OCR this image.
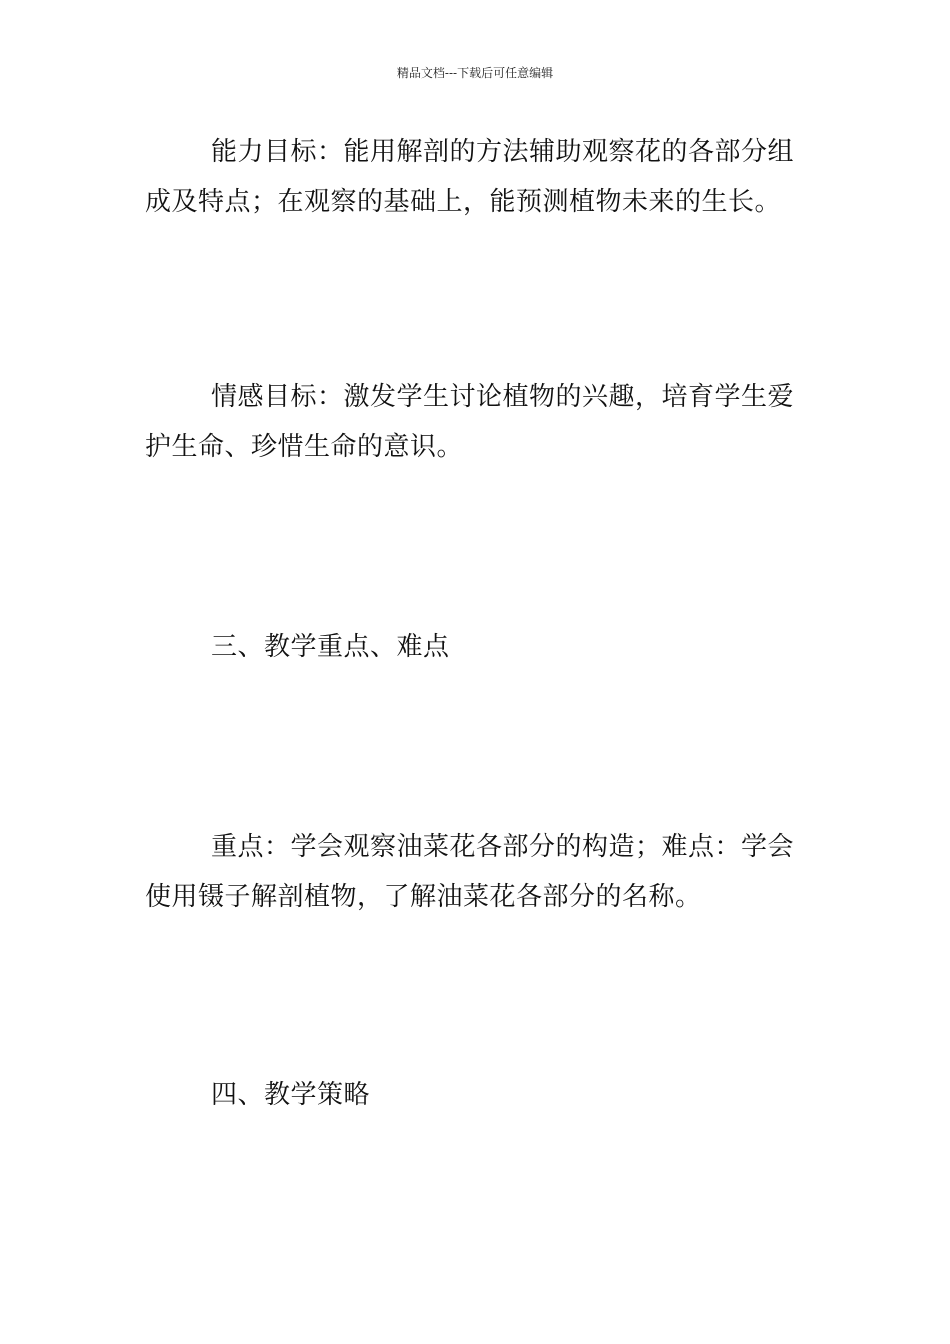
精品文档---下载后可任意编辑

能力目标：能用解剖的方法辅助观察花的各部分组成及特点；在观察的基础上，能预测植物未来的生长。

情感目标：激发学生讨论植物的兴趣，培育学生爱护生命、珍惜生命的意识。

三、教学重点、难点

重点：学会观察油菜花各部分的构造；难点：学会使用镊子解剖植物，了解油菜花各部分的名称。

四、教学策略
